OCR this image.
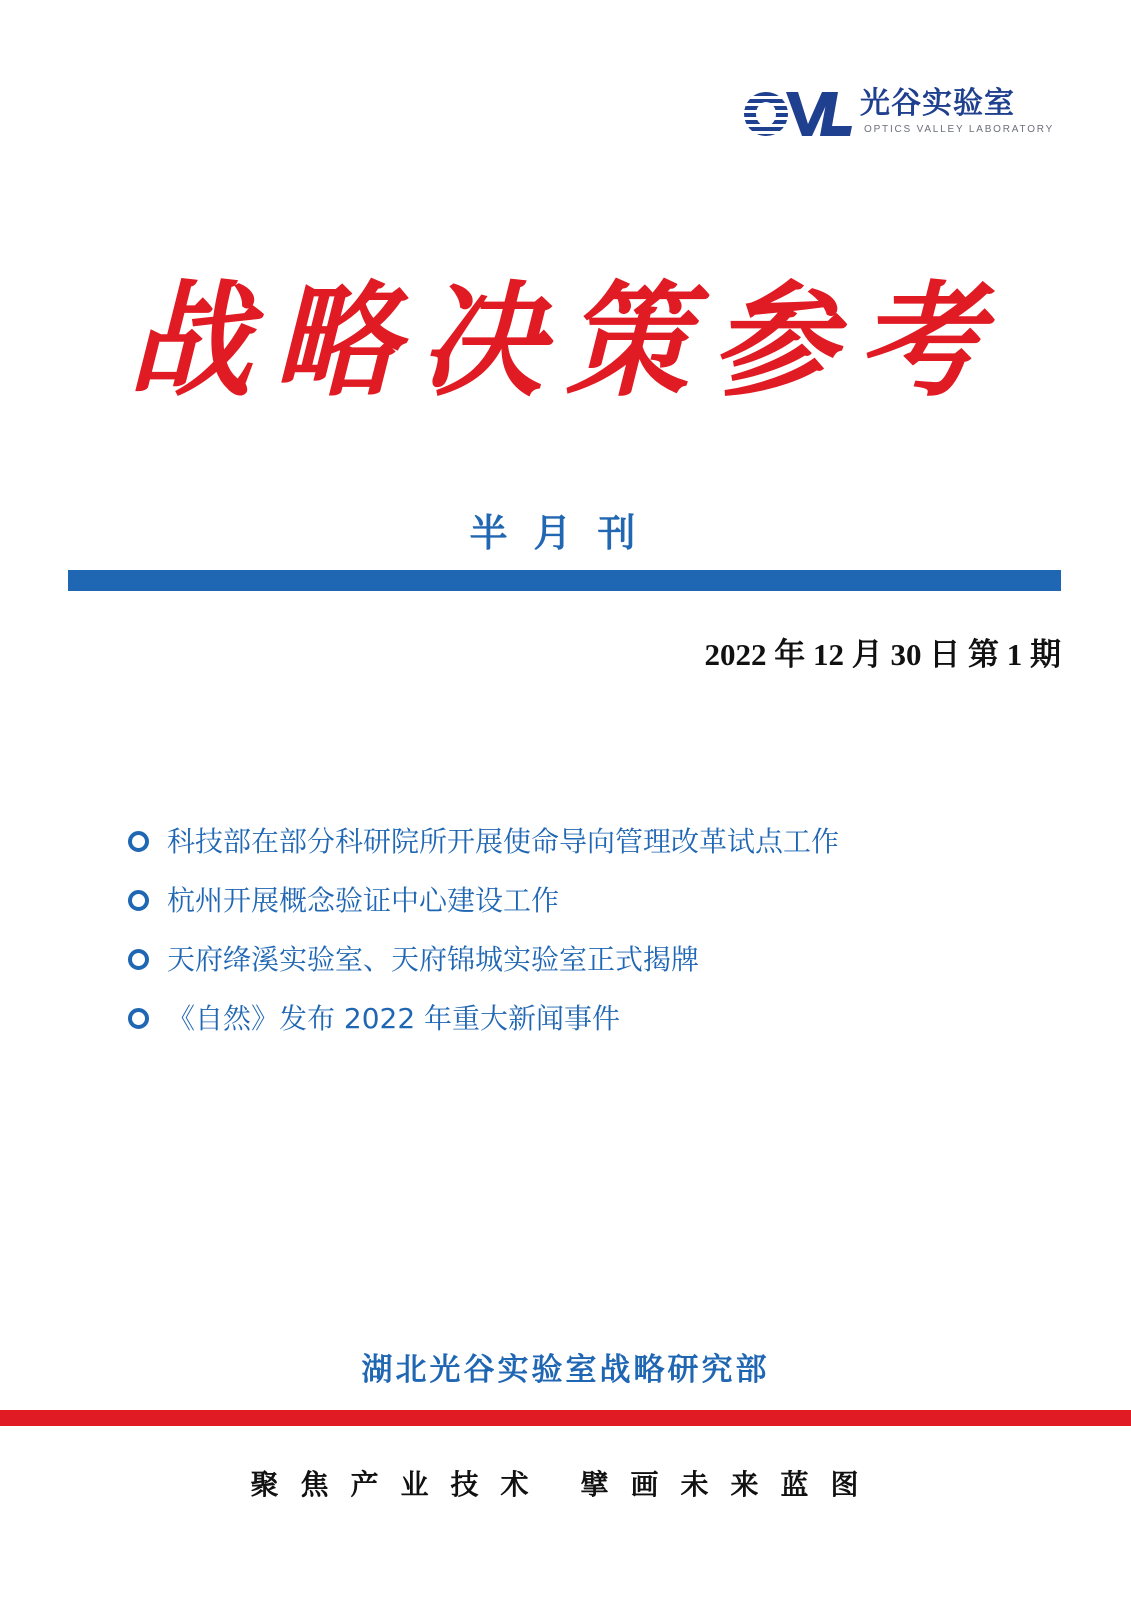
光谷实验室
OPTICS VALLEY LABORATORY
战略决策参考
半月刊
2022 年 12 月 30 日 第 1 期
科技部在部分科研院所开展使命导向管理改革试点工作
杭州开展概念验证中心建设工作
天府绛溪实验室、天府锦城实验室正式揭牌
《自然》发布 2022 年重大新闻事件
湖北光谷实验室战略研究部
聚焦产业技术 擘画未来蓝图
